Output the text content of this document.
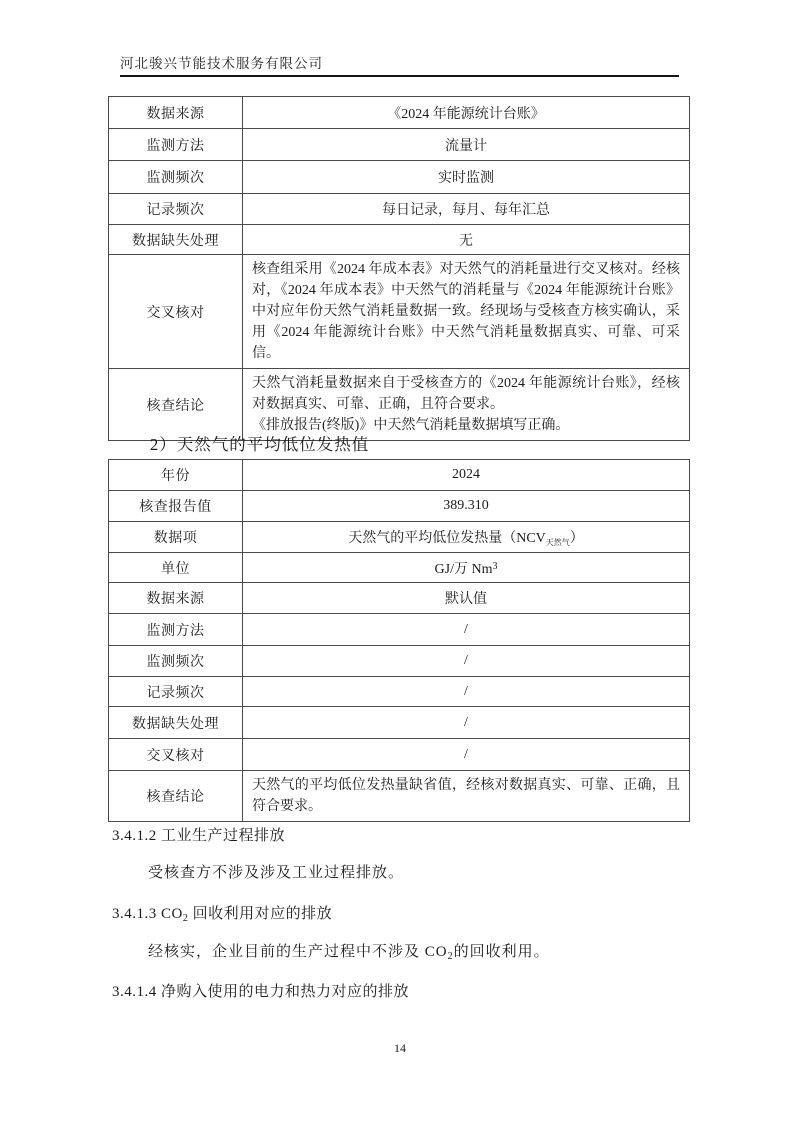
河北骏兴节能技术服务有限公司
数据来源	《2024 年能源统计台账》
监测方法	流量计
监测频次	实时监测
记录频次	每日记录，每月、每年汇总
数据缺失处理	无
交叉核对	核查组采用《2024 年成本表》对天然气的消耗量进行交叉核对。经核对，《2024 年成本表》中天然气的消耗量与《2024 年能源统计台账》中对应年份天然气消耗量数据一致。经现场与受核查方核实确认，采用《2024 年能源统计台账》中天然气消耗量数据真实、可靠、可采信。
核查结论	天然气消耗量数据来自于受核查方的《2024 年能源统计台账》，经核对数据真实、可靠、正确，且符合要求。
《排放报告(终版)》中天然气消耗量数据填写正确。
2）天然气的平均低位发热值
年份	2024
核查报告值	389.310
数据项	天然气的平均低位发热量$(NCV_{天然气})$
单位	GJ/万 Nm$^3$
数据来源	默认值
监测方法	/
监测频次	/
记录频次	/
数据缺失处理	/
交叉核对	/
核查结论	天然气的平均低位发热量缺省值，经核对数据真实、可靠、正确，且符合要求。
3.4.1.2 工业生产过程排放
受核查方不涉及涉及工业过程排放。
3.4.1.3 $CO_2$ 回收利用对应的排放
经核实，企业目前的生产过程中不涉及 $CO_2$的回收利用。
3.4.1.4 净购入使用的电力和热力对应的排放
14
